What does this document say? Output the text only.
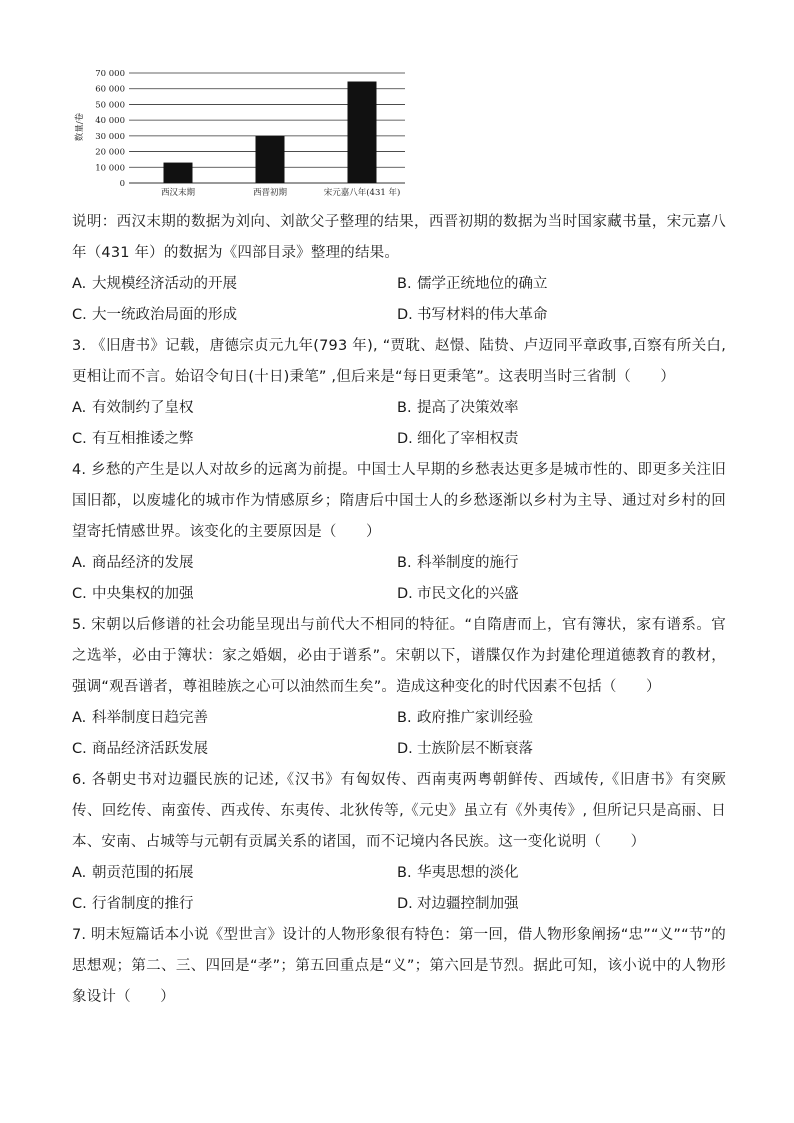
0
10 000
20 000
30 000
40 000
50 000
60 000
70 000
西汉末期	西晋初期	宋元嘉八年(431 年)
数量/卷

说明：西汉末期的数据为刘向、刘歆父子整理的结果，西晋初期的数据为当时国家藏书量，宋元嘉八年（431 年）的数据为《四部目录》整理的结果。

A. 大规模经济活动的开展	B. 儒学正统地位的确立
C. 大一统政治局面的形成	D. 书写材料的伟大革命

3. 《旧唐书》记载，唐德宗贞元九年(793 年), “贾耽、赵憬、陆贽、卢迈同平章政事,百察有所关白,更相让而不言。始诏令旬日(十日)秉笔” ,但后来是“每日更秉笔”。这表明当时三省制（　　）

A. 有效制约了皇权	B. 提高了决策效率
C. 有互相推诿之弊	D. 细化了宰相权责

4. 乡愁的产生是以人对故乡的远离为前提。中国士人早期的乡愁表达更多是城市性的、即更多关注旧国旧都，以废墟化的城市作为情感原乡；隋唐后中国士人的乡愁逐渐以乡村为主导、通过对乡村的回望寄托情感世界。该变化的主要原因是（　　）

A. 商品经济的发展	B. 科举制度的施行
C. 中央集权的加强	D. 市民文化的兴盛

5. 宋朝以后修谱的社会功能呈现出与前代大不相同的特征。“自隋唐而上，官有簿状，家有谱系。官之选举，必由于簿状：家之婚姻，必由于谱系”。宋朝以下，谱牒仅作为封建伦理道德教育的教材，强调“观吾谱者，尊祖睦族之心可以油然而生矣”。造成这种变化的时代因素不包括（　　）

A. 科举制度日趋完善	B. 政府推广家训经验
C. 商品经济活跃发展	D. 士族阶层不断衰落

6. 各朝史书对边疆民族的记述,《汉书》有匈奴传、西南夷两粤朝鲜传、西域传,《旧唐书》有突厥传、回纥传、南蛮传、西戎传、东夷传、北狄传等,《元史》虽立有《外夷传》, 但所记只是高丽、日本、安南、占城等与元朝有贡属关系的诸国，而不记境内各民族。这一变化说明（　　）

A. 朝贡范围的拓展	B. 华夷思想的淡化
C. 行省制度的推行	D. 对边疆控制加强

7. 明末短篇话本小说《型世言》设计的人物形象很有特色：第一回，借人物形象阐扬“忠”“义”“节”的思想观；第二、三、四回是“孝”；第五回重点是“义”；第六回是节烈。据此可知，该小说中的人物形象设计（　　）
